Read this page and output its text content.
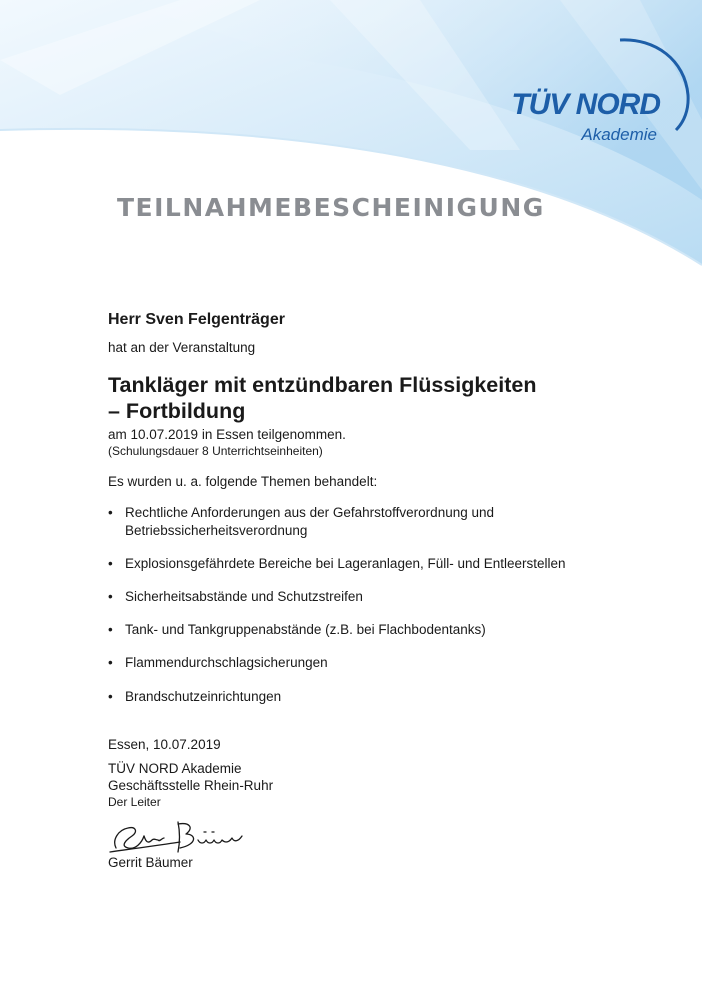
TÜV NORD
Akademie
TEILNAHMEBESCHEINIGUNG
Herr Sven Felgenträger
hat an der Veranstaltung
Tankläger mit entzündbaren Flüssigkeiten
– Fortbildung
am 10.07.2019 in Essen teilgenommen.
(Schulungsdauer 8 Unterrichtseinheiten)
Es wurden u. a. folgende Themen behandelt:
• Rechtliche Anforderungen aus der Gefahrstoffverordnung und Betriebssicherheitsverordnung
• Explosionsgefährdete Bereiche bei Lageranlagen, Füll- und Entleerstellen
• Sicherheitsabstände und Schutzstreifen
• Tank- und Tankgruppenabstände (z.B. bei Flachbodentanks)
• Flammendurchschlagsicherungen
• Brandschutzeinrichtungen
Essen, 10.07.2019
TÜV NORD Akademie
Geschäftsstelle Rhein-Ruhr
Der Leiter
Gerrit Bäumer
